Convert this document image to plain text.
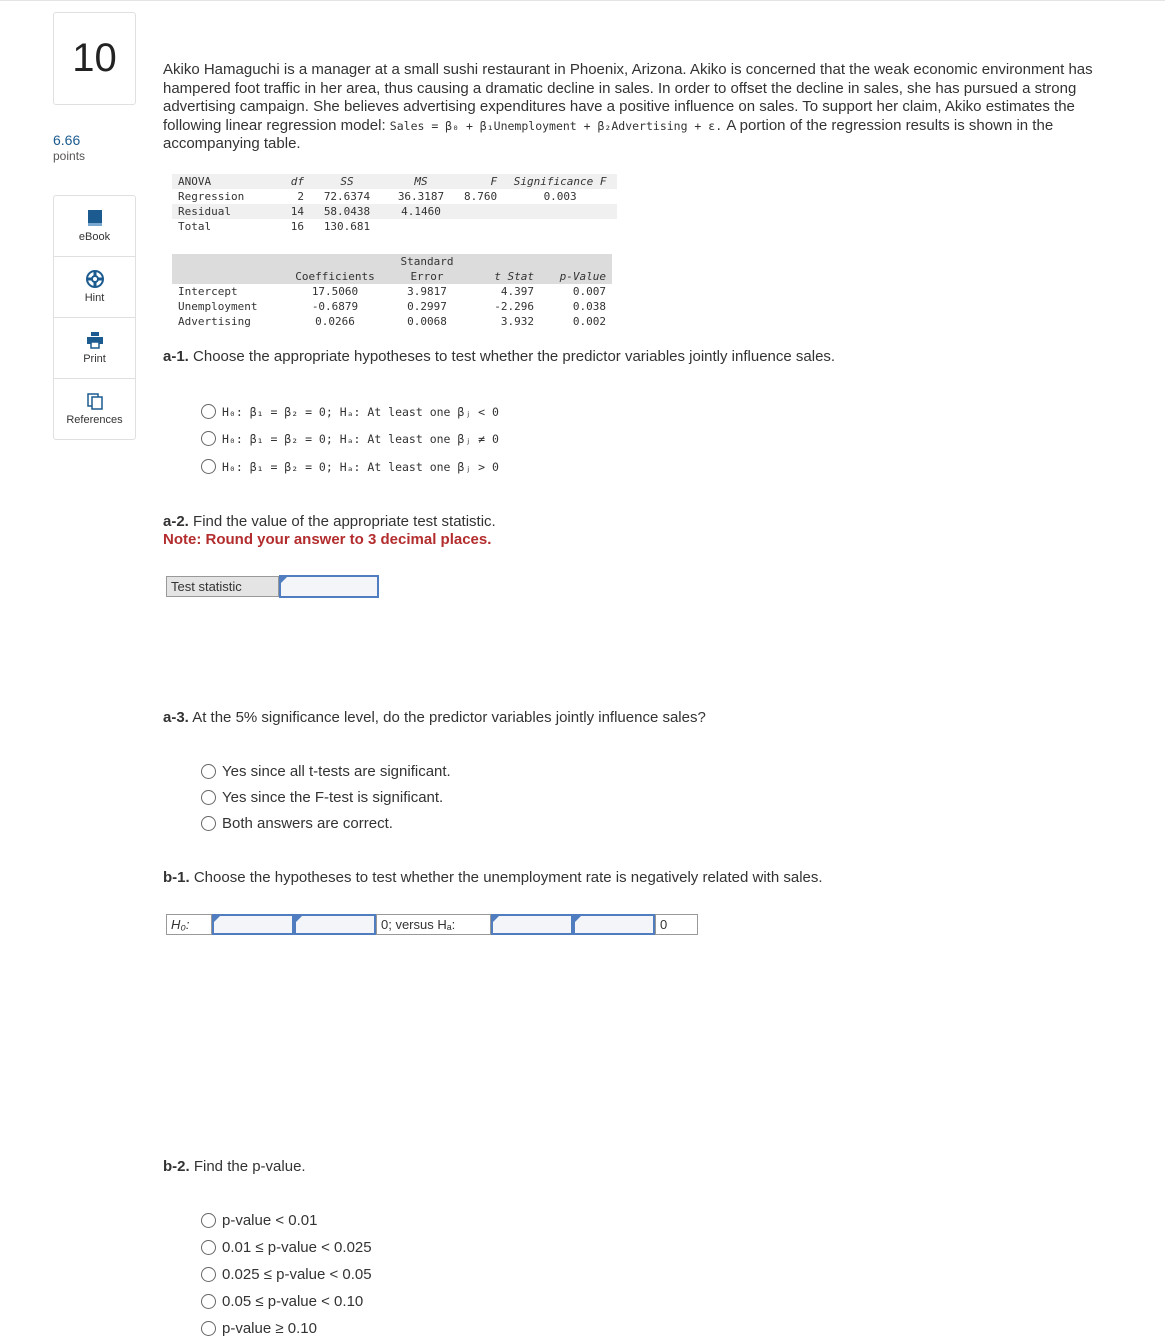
10
6.66
points
eBook
Hint
Print
References
Akiko Hamaguchi is a manager at a small sushi restaurant in Phoenix, Arizona. Akiko is concerned that the weak economic environment has hampered foot traffic in her area, thus causing a dramatic decline in sales. In order to offset the decline in sales, she has pursued a strong advertising campaign. She believes advertising expenditures have a positive influence on sales. To support her claim, Akiko estimates the following linear regression model: Sales = β₀ + β₁Unemployment + β₂Advertising + ε. A portion of the regression results is shown in the accompanying table.
ANOVA	df	SS	MS	F	Significance F
Regression	2	72.6374	36.3187	8.760	0.003
Residual	14	58.0438	4.1460		
Total	16	130.681			
		Standard		
	Coefficients	Error	t Stat	p-Value
Intercept	17.5060	3.9817	4.397	0.007
Unemployment	-0.6879	0.2997	-2.296	0.038
Advertising	0.0266	0.0068	3.932	0.002
a-1. Choose the appropriate hypotheses to test whether the predictor variables jointly influence sales.
H₀: β₁ = β₂ = 0; Hₐ: At least one βⱼ < 0
H₀: β₁ = β₂ = 0; Hₐ: At least one βⱼ ≠ 0
H₀: β₁ = β₂ = 0; Hₐ: At least one βⱼ > 0
a-2. Find the value of the appropriate test statistic.
Note: Round your answer to 3 decimal places.
Test statistic
a-3. At the 5% significance level, do the predictor variables jointly influence sales?
Yes since all t-tests are significant.
Yes since the F-test is significant.
Both answers are correct.
b-1. Choose the hypotheses to test whether the unemployment rate is negatively related with sales.
H₀:	0; versus Hₐ:	0
b-2. Find the p-value.
p-value < 0.01
0.01 ≤ p-value < 0.025
0.025 ≤ p-value < 0.05
0.05 ≤ p-value < 0.10
p-value ≥ 0.10
